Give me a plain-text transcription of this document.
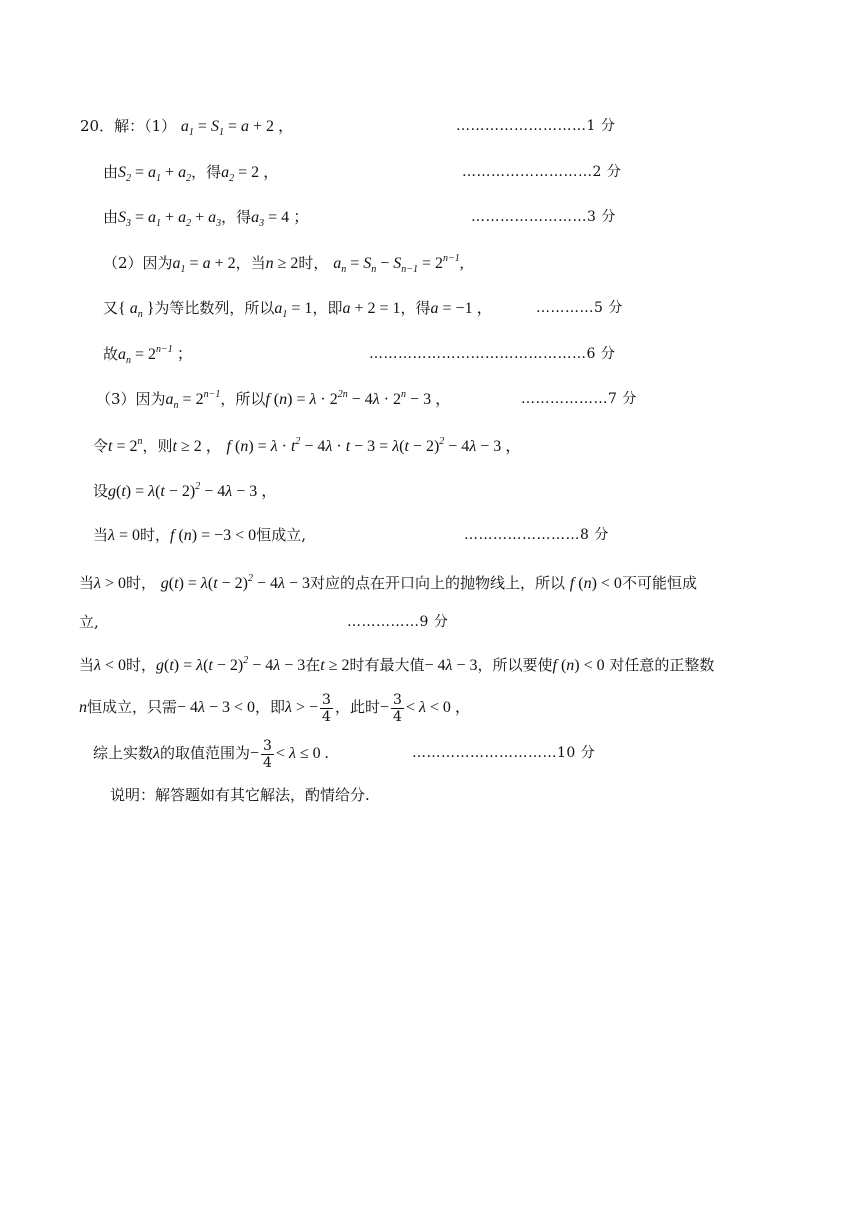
20．解：（1） $a_1 = S_1 = a + 2$ ，	………………………1 分
由$S_2 = a_1 + a_2$，得$a_2 = 2$ ，	………………………2 分
由$S_3 = a_1 + a_2 + a_3$，得$a_3 = 4$ ；	……………………3 分
（2）因为$a_1 = a + 2$，当n ≥ 2时， $a_n = S_n - S_{n-1} = 2^{n-1}$,
又{ $a_n$ }为等比数列，所以$a_1 = 1$，即a + 2 = 1，得a = −1 ，	…………5 分
故$a_n = 2^{n-1}$ ；	………………………………………6 分
（3）因为$a_n = 2^{n-1}$，所以f $(n) = \lambda \cdot 2^{2n} - 4\lambda \cdot 2^n - 3$ ，	………………7 分
令$t = 2^n$，则t ≥ 2 ， f $(n) = \lambda \cdot t^2 - 4\lambda \cdot t - 3 = \lambda(t - 2)^2 - 4\lambda - 3$ ，
设$g(t) = \lambda(t - 2)^2 - 4\lambda - 3$ ，
当λ = 0时，f (n) = −3 < 0恒成立,	……………………8 分
当λ > 0时， $g(t) = \lambda(t - 2)^2 - 4\lambda - 3$对应的点在开口向上的抛物线上，所以 f (n) < 0不可能恒成
立,	……………9 分
当λ < 0时，$g(t) = \lambda(t - 2)^2 - 4\lambda - 3$在t ≥ 2时有最大值− 4λ − 3，所以要使f (n) < 0 对任意的正整数
n恒成立，只需− 4λ − 3 < 0，即λ > − $\frac{3}{4}$ ，此时− $\frac{3}{4} < \lambda < 0$ ，
综上实数λ的取值范围为− $\frac{3}{4} < \lambda \le 0$ .	…………………………10 分
说明：解答题如有其它解法，酌情给分.
